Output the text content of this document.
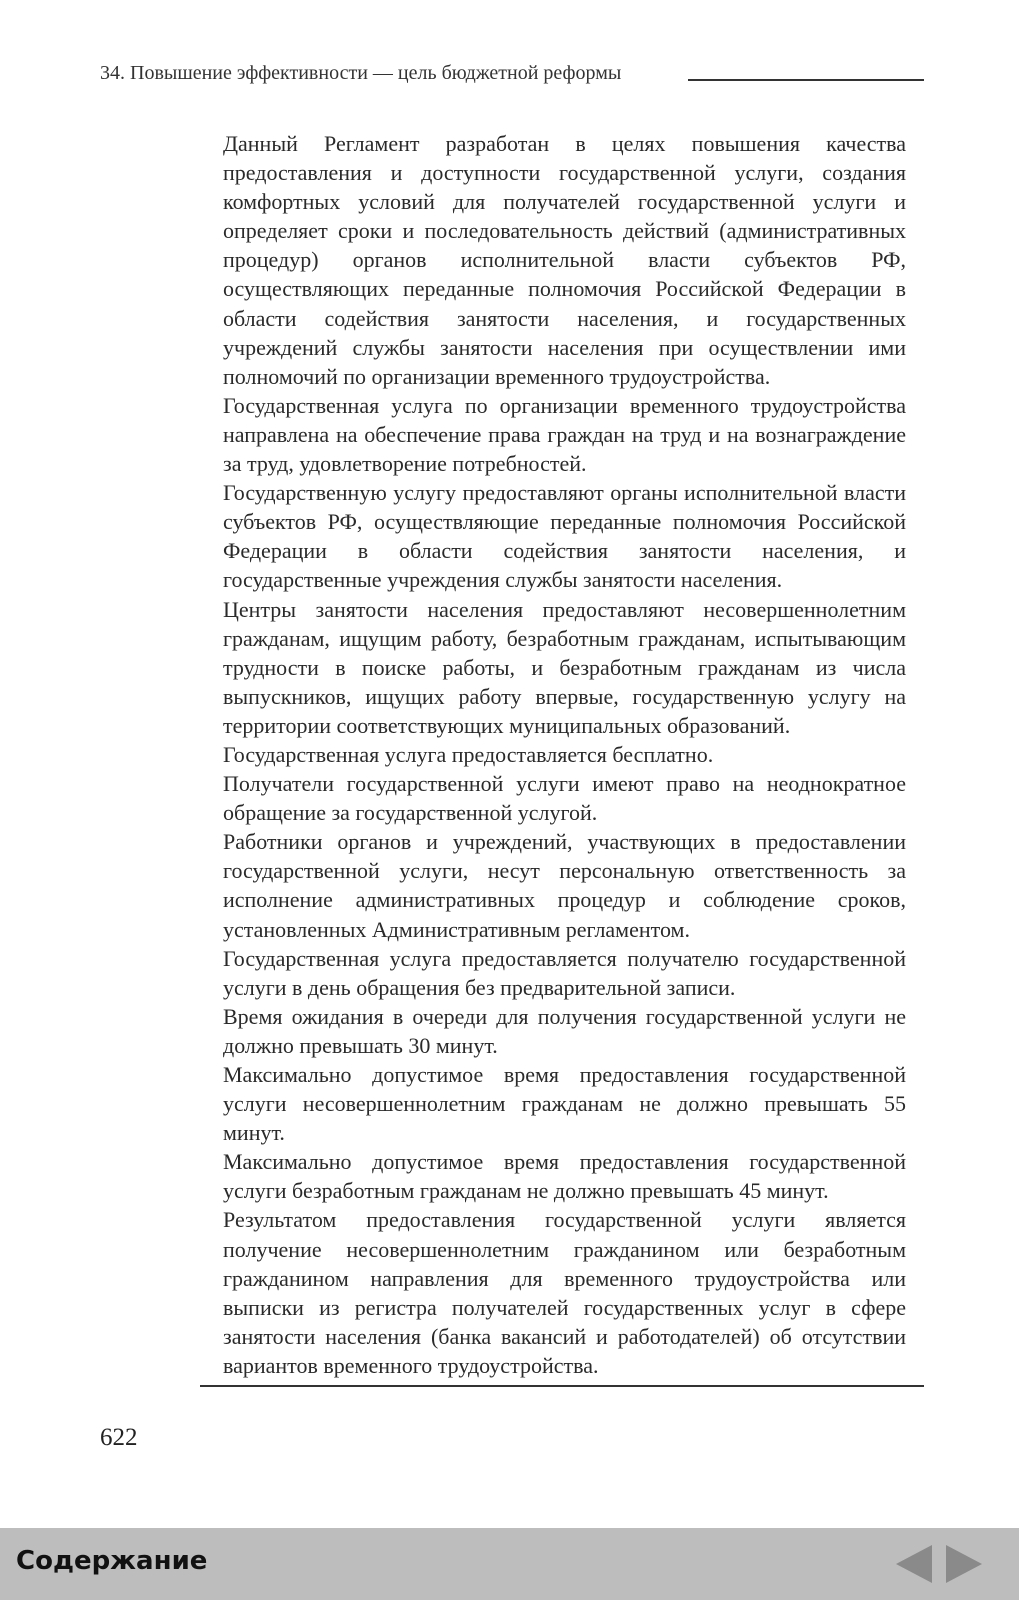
34. Повышение эффективности — цель бюджетной реформы

Данный Регламент разработан в целях повышения качества предоставления и доступности государственной услуги, создания комфортных условий для получателей государственной услуги и определяет сроки и последовательность действий (административных процедур) органов исполнительной власти субъектов РФ, осуществляющих переданные полномочия Российской Федерации в области содействия занятости населения, и государственных учреждений службы занятости населения при осуществлении ими полномочий по организации временного трудоустройства.

Государственная услуга по организации временного трудоустройства направлена на обеспечение права граждан на труд и на вознаграждение за труд, удовлетворение потребностей.

Государственную услугу предоставляют органы исполнительной власти субъектов РФ, осуществляющие переданные полномочия Российской Федерации в области содействия занятости населения, и государственные учреждения службы занятости населения.

Центры занятости населения предоставляют несовершеннолетним гражданам, ищущим работу, безработным гражданам, испытывающим трудности в поиске работы, и безработным гражданам из числа выпускников, ищущих работу впервые, государственную услугу на территории соответствующих муниципальных образований.

Государственная услуга предоставляется бесплатно.

Получатели государственной услуги имеют право на неоднократное обращение за государственной услугой.

Работники органов и учреждений, участвующих в предоставлении государственной услуги, несут персональную ответственность за исполнение административных процедур и соблюдение сроков, установленных Административным регламентом.

Государственная услуга предоставляется получателю государственной услуги в день обращения без предварительной записи.

Время ожидания в очереди для получения государственной услуги не должно превышать 30 минут.

Максимально допустимое время предоставления государственной услуги несовершеннолетним гражданам не должно превышать 55 минут.

Максимально допустимое время предоставления государственной услуги безработным гражданам не должно превышать 45 минут.

Результатом предоставления государственной услуги является получение несовершеннолетним гражданином или безработным гражданином направления для временного трудоустройства или выписки из регистра получателей государственных услуг в сфере занятости населения (банка вакансий и работодателей) об отсутствии вариантов временного трудоустройства.

622
Содержание
